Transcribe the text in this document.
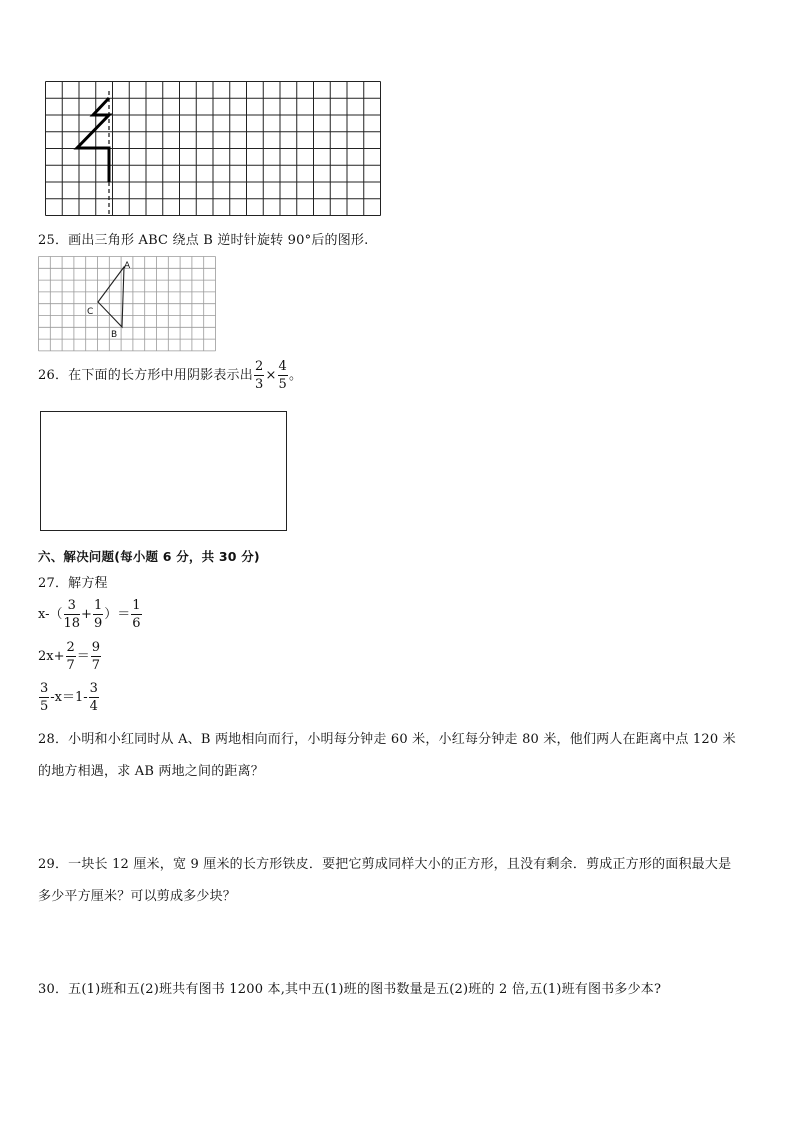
25．画出三角形 ABC 绕点 B 逆时针旋转 90°后的图形.
A
C
B
26．在下面的长方形中用阴影表示出 $\frac{2}{3} \times \frac{4}{5}$ 。
六、解决问题(每小题 6 分，共 30 分)
27．解方程
$x-( \frac{3}{18} + \frac{1}{9}$ ）＝ $\frac{1}{6}$
$2x+ \frac{2}{7} = \frac{9}{7}$
$\frac{3}{5} -x=1- \frac{3}{4}$
28．小明和小红同时从 A、B 两地相向而行，小明每分钟走 60 米，小红每分钟走 80 米，他们两人在距离中点 120 米
的地方相遇，求 AB 两地之间的距离？
29．一块长 12 厘米，宽 9 厘米的长方形铁皮．要把它剪成同样大小的正方形，且没有剩余．剪成正方形的面积最大是
多少平方厘米？可以剪成多少块？
30．五(1)班和五(2)班共有图书 1200 本,其中五(1)班的图书数量是五(2)班的 2 倍,五(1)班有图书多少本?
